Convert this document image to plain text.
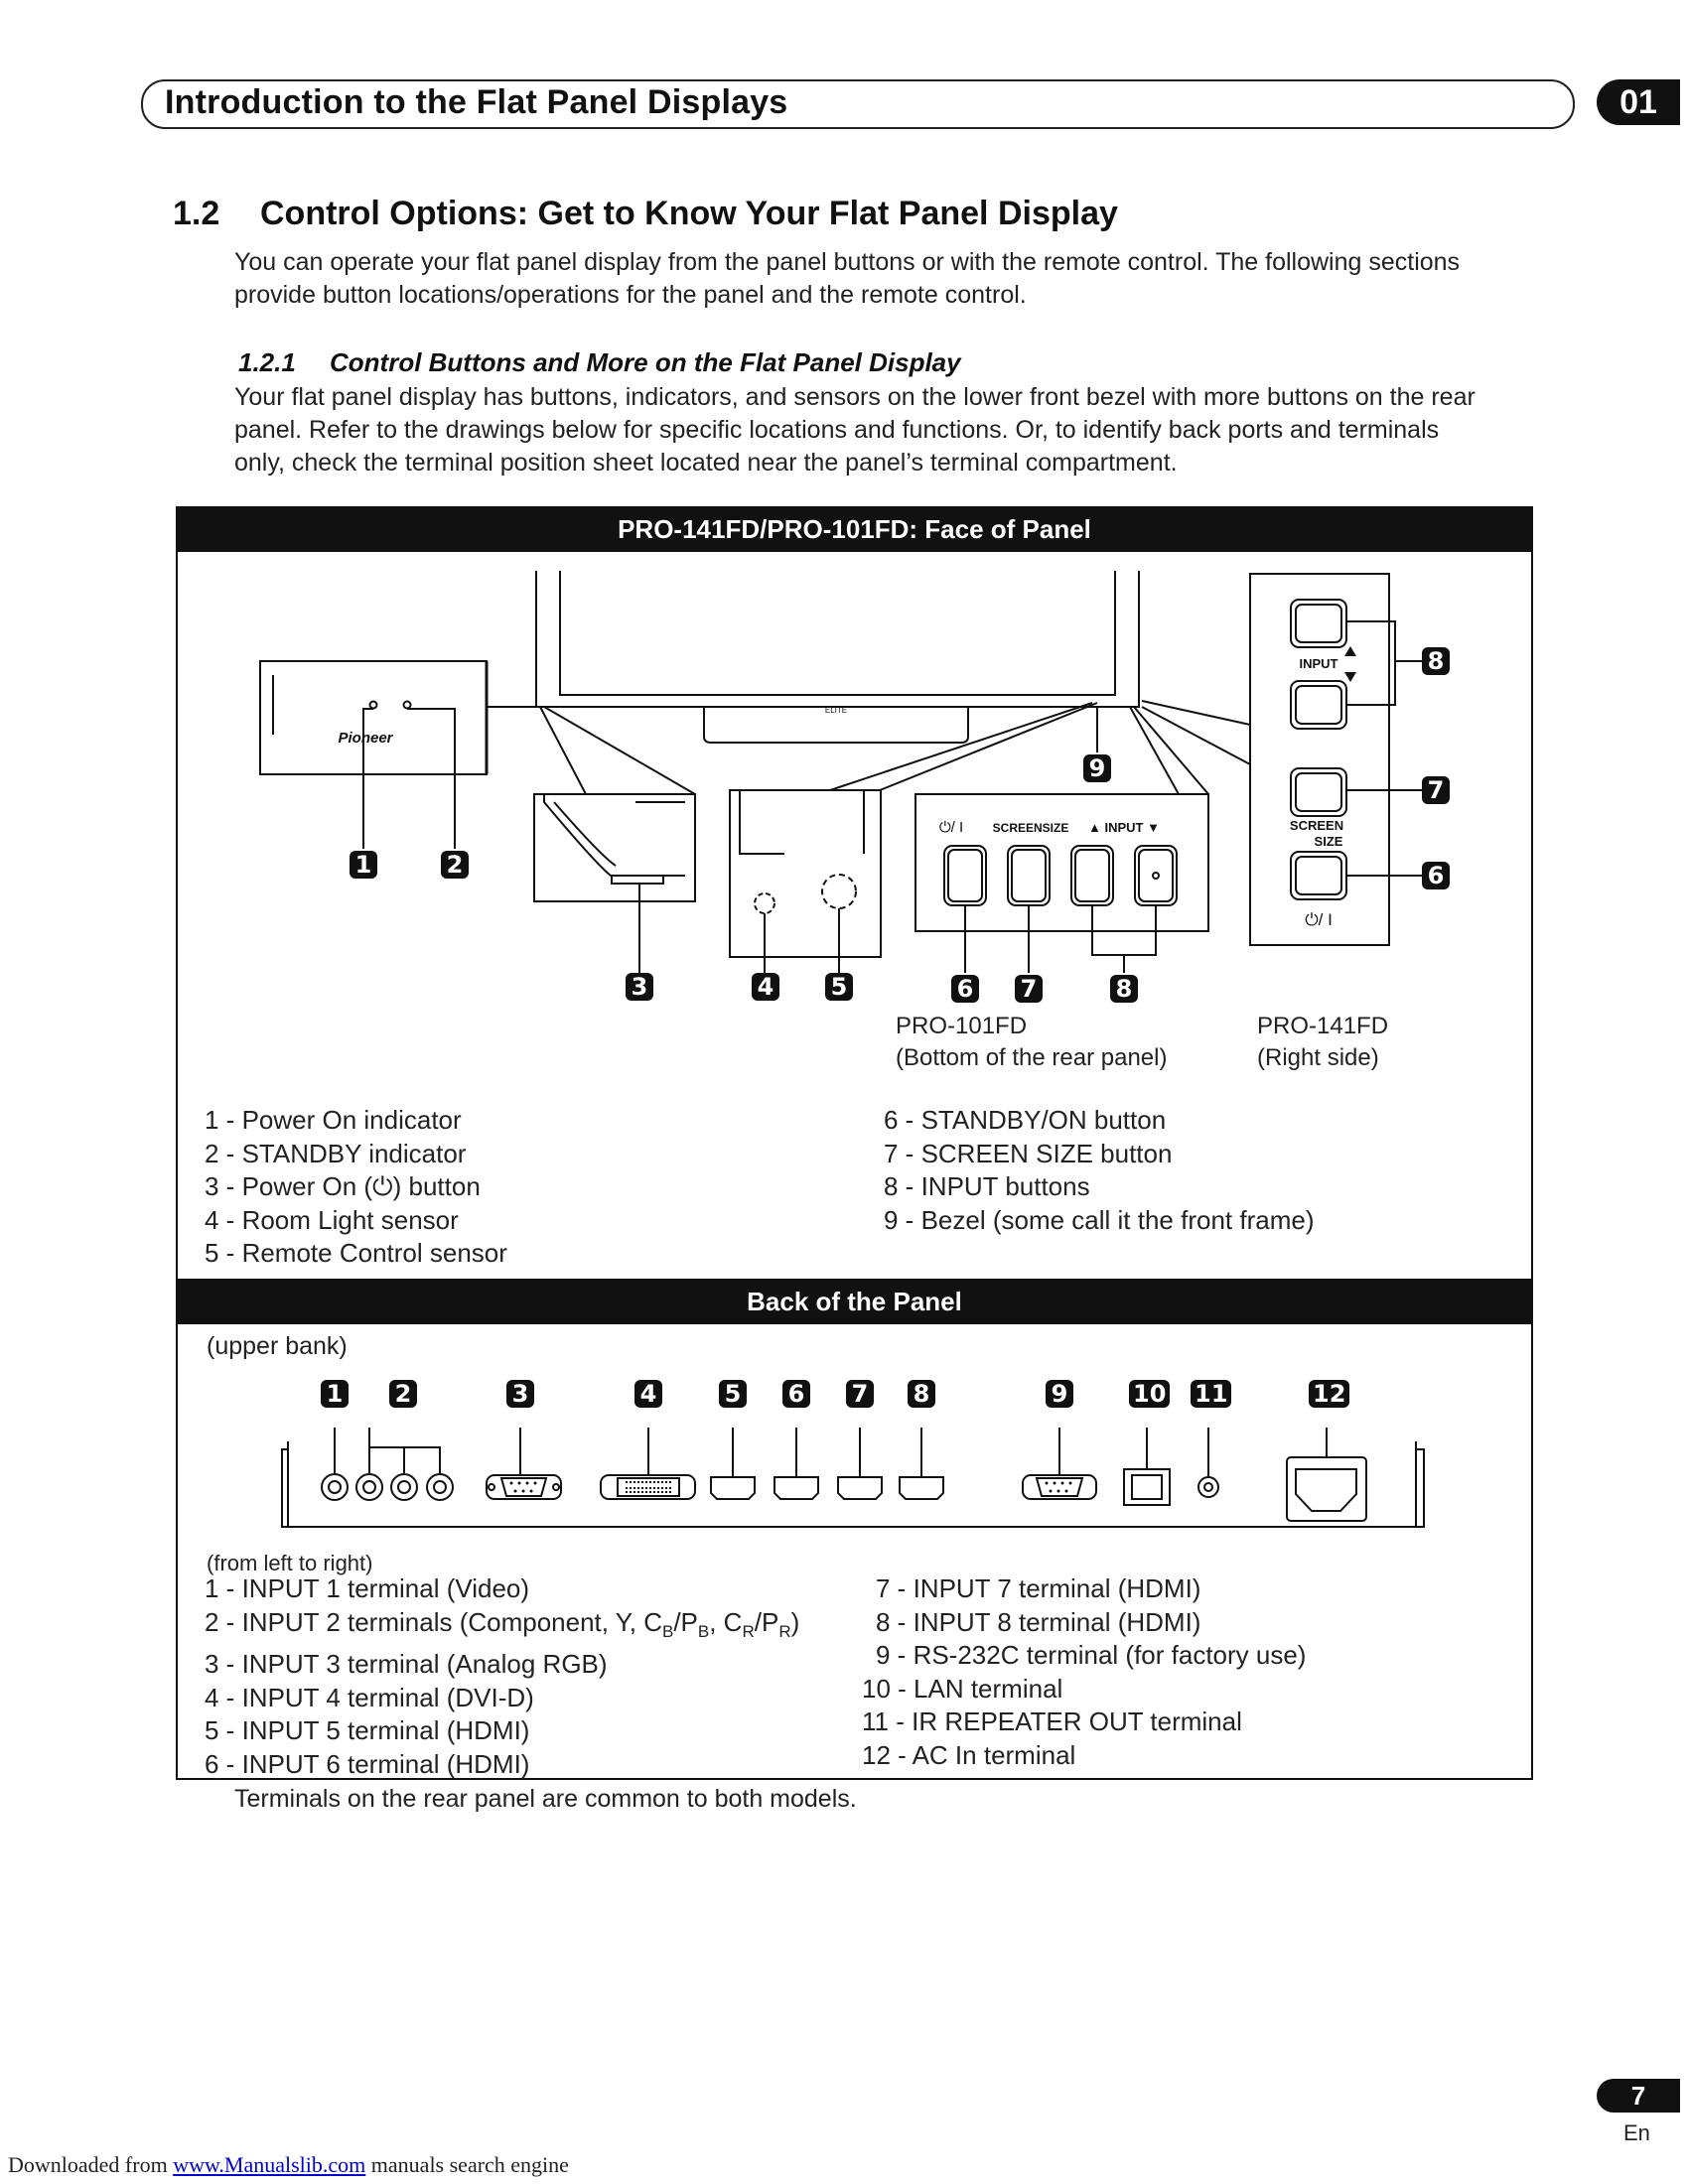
Introduction to the Flat Panel Displays	01
1.2 Control Options: Get to Know Your Flat Panel Display
You can operate your flat panel display from the panel buttons or with the remote control. The following sections
provide button locations/operations for the panel and the remote control.
1.2.1 Control Buttons and More on the Flat Panel Display
Your flat panel display has buttons, indicators, and sensors on the lower front bezel with more buttons on the rear
panel. Refer to the drawings below for specific locations and functions. Or, to identify back ports and terminals
only, check the terminal position sheet located near the panel’s terminal compartment.
PRO-141FD/PRO-101FD: Face of Panel
Pioneer
ELITE
⏻/ I SCREENSIZE ▲ INPUT ▼
INPUT
SCREEN
SIZE
⏻/ I
1	2
3	4 5	6 7	8
9
8
7
6
PRO-101FD
(Bottom of the rear panel)
PRO-141FD
(Right side)
1 - Power On indicator
2 - STANDBY indicator
3 - Power On (⏻) button
4 - Room Light sensor
5 - Remote Control sensor
6 - STANDBY/ON button
7 - SCREEN SIZE button
8 - INPUT buttons
9 - Bezel (some call it the front frame)
Back of the Panel
(upper bank)
1 2	3	4	5 6 7 8	9	10 11	12
(from left to right)
1 - INPUT 1 terminal (Video)
2 - INPUT 2 terminals (Component, Y, $C_B/P_B$, $C_R/P_R$)
3 - INPUT 3 terminal (Analog RGB)
4 - INPUT 4 terminal (DVI-D)
5 - INPUT 5 terminal (HDMI)
6 - INPUT 6 terminal (HDMI)
7 - INPUT 7 terminal (HDMI)
8 - INPUT 8 terminal (HDMI)
9 - RS-232C terminal (for factory use)
10 - LAN terminal
11 - IR REPEATER OUT terminal
12 - AC In terminal
Terminals on the rear panel are common to both models.
7
En
Downloaded from www.Manualslib.com manuals search engine
